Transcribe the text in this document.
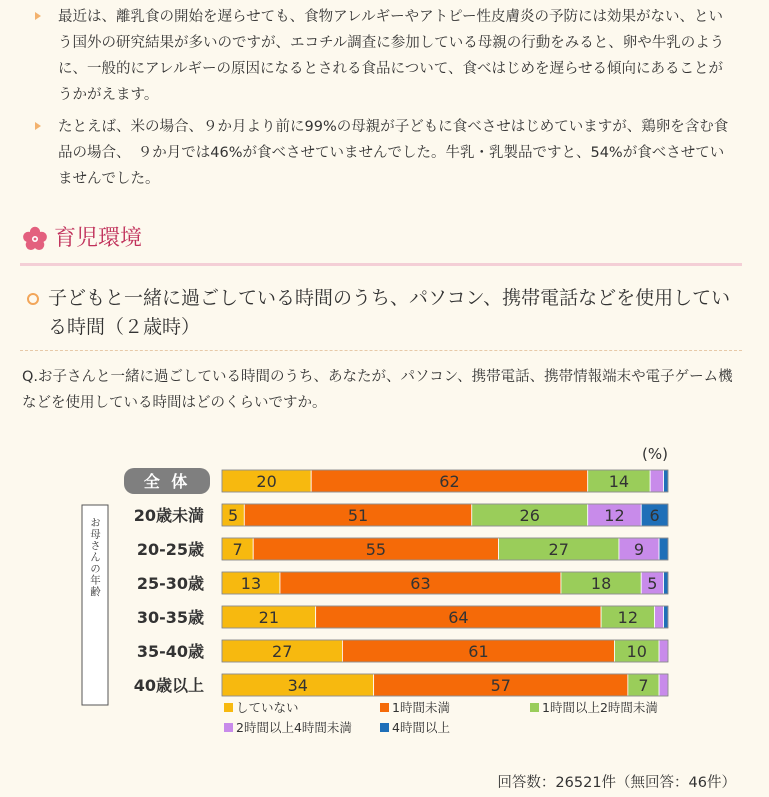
最近は、離乳食の開始を遅らせても、食物アレルギーやアトピー性皮膚炎の予防には効果がない、という国外の研究結果が多いのですが、エコチル調査に参加している母親の行動をみると、卵や牛乳のように、一般的にアレルギーの原因になるとされる食品について、食べはじめを遅らせる傾向にあることがうかがえます。
たとえば、米の場合、９か月より前に99%の母親が子どもに食べさせはじめていますが、鶏卵を含む食品の場合、　９か月では46%が食べさせていませんでした。牛乳・乳製品ですと、54%が食べさせていませんでした。
育児環境
子どもと一緒に過ごしている時間のうち、パソコン、携帯電話などを使用している時間（２歳時）
Q.お子さんと一緒に過ごしている時間のうち、あなたが、パソコン、携帯電話、携帯情報端末や電子ゲーム機などを使用している時間はどのくらいですか。
(%)
お母さんの年齢
全 体	20	62	14
20歳未満 5	51	26	12 6
20-25歳 7	55	27	9
25-30歳 13	63	18 5
30-35歳	21	64	12
35-40歳	27	61	10
40歳以上	34	57	7
していない	1時間未満	1時間以上2時間未満
2時間以上4時間未満	4時間以上
回答数：26521件（無回答：46件）
